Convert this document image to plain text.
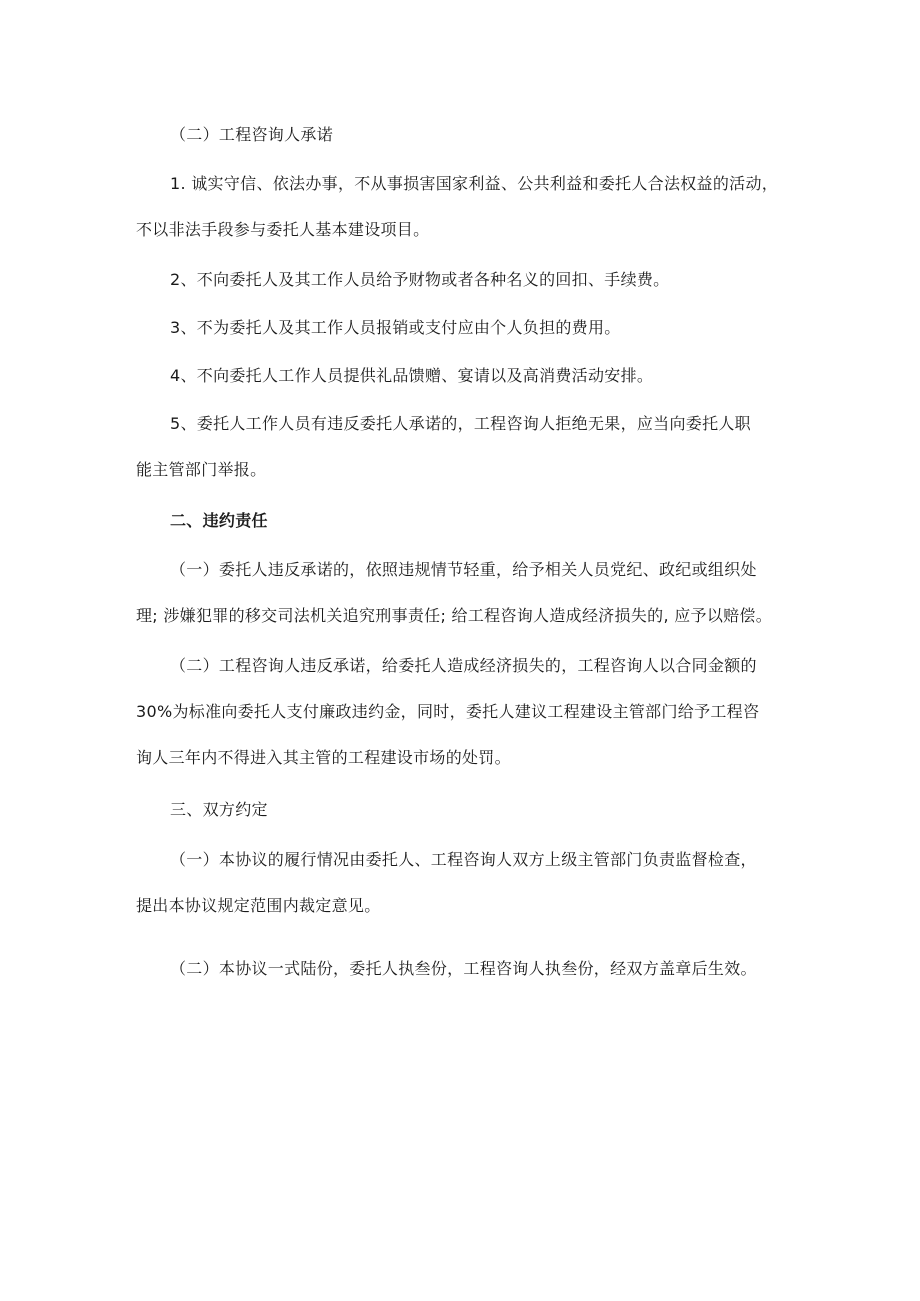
（二）工程咨询人承诺

1. 诚实守信、依法办事，不从事损害国家利益、公共利益和委托人合法权益的活动，
不以非法手段参与委托人基本建设项目。

2、不向委托人及其工作人员给予财物或者各种名义的回扣、手续费。

3、不为委托人及其工作人员报销或支付应由个人负担的费用。

4、不向委托人工作人员提供礼品馈赠、宴请以及高消费活动安排。

5、委托人工作人员有违反委托人承诺的，工程咨询人拒绝无果，应当向委托人职
能主管部门举报。

二、违约责任

（一）委托人违反承诺的，依照违规情节轻重，给予相关人员党纪、政纪或组织处
理; 涉嫌犯罪的移交司法机关追究刑事责任; 给工程咨询人造成经济损失的, 应予以赔偿。

（二）工程咨询人违反承诺，给委托人造成经济损失的，工程咨询人以合同金额的
30%为标准向委托人支付廉政违约金，同时，委托人建议工程建设主管部门给予工程咨
询人三年内不得进入其主管的工程建设市场的处罚。

三、双方约定

（一）本协议的履行情况由委托人、工程咨询人双方上级主管部门负责监督检查，
提出本协议规定范围内裁定意见。

（二）本协议一式陆份，委托人执叁份，工程咨询人执叁份，经双方盖章后生效。
